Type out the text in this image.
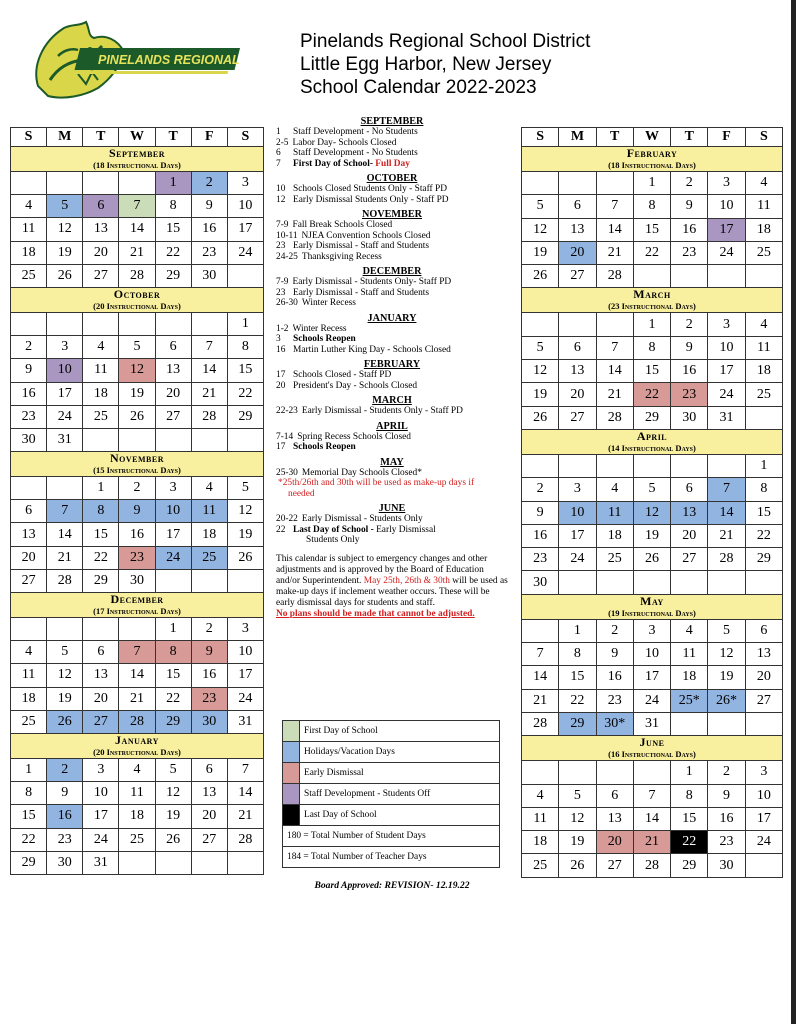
PINELANDS REGIONAL
Pinelands Regional School District
Little Egg Harbor, New Jersey
School Calendar 2022-2023
S	M	T	W	T	F	S

September
(18 Instructional Days)						

				1	2	3
4	5	6	7	8	9	10
11	12	13	14	15	16	17
18	19	20	21	22	23	24
25	26	27	28	29	30	

October
(20 Instructional Days)						

						1
2	3	4	5	6	7	8
9	10	11	12	13	14	15
16	17	18	19	20	21	22
23	24	25	26	27	28	29
30	31					

November
(15 Instructional Days)						

		1	2	3	4	5
6	7	8	9	10	11	12
13	14	15	16	17	18	19
20	21	22	23	24	25	26
27	28	29	30			

December
(17 Instructional Days)						

				1	2	3
4	5	6	7	8	9	10
11	12	13	14	15	16	17
18	19	20	21	22	23	24
25	26	27	28	29	30	31

January
(20 Instructional Days)						

1	2	3	4	5	6	7
8	9	10	11	12	13	14
15	16	17	18	19	20	21
22	23	24	25	26	27	28
29	30	31				
S	M	T	W	T	F	S

February
(18 Instructional Days)						

			1	2	3	4
5	6	7	8	9	10	11
12	13	14	15	16	17	18
19	20	21	22	23	24	25
26	27	28				

March
(23 Instructional Days)						

			1	2	3	4
5	6	7	8	9	10	11
12	13	14	15	16	17	18
19	20	21	22	23	24	25
26	27	28	29	30	31	

April
(14 Instructional Days)						

						1
2	3	4	5	6	7	8
9	10	11	12	13	14	15
16	17	18	19	20	21	22
23	24	25	26	27	28	29
30						

May
(19 Instructional Days)						

	1	2	3	4	5	6
7	8	9	10	11	12	13
14	15	16	17	18	19	20
21	22	23	24	25*	26*	27
28	29	30*	31			

June
(16 Instructional Days)						

				1	2	3
4	5	6	7	8	9	10
11	12	13	14	15	16	17
18	19	20	21	22	23	24
25	26	27	28	29	30	
SEPTEMBER
1	Staff Development - No Students
2-5 Labor Day- Schools Closed
6	Staff Development - No Students
7	First Day of School- Full Day
OCTOBER
10 Schools Closed Students Only - Staff PD
12 Early Dismissal Students Only - Staff PD
NOVEMBER
7-9 Fall Break Schools Closed
10-11 NJEA Convention Schools Closed
23 Early Dismissal - Staff and Students
24-25 Thanksgiving Recess
DECEMBER
7-9 Early Dismissal - Students Only- Staff PD
23 Early Dismissal - Staff and Students
26-30 Winter Recess
JANUARY
1-2 Winter Recess
3	Schools Reopen
16 Martin Luther King Day - Schools Closed
FEBRUARY
17 Schools Closed - Staff PD
20 President's Day - Schools Closed
MARCH
22-23 Early Dismissal - Students Only - Staff PD
APRIL
7-14 Spring Recess Schools Closed
17 Schools Reopen
MAY
25-30 Memorial Day Schools Closed*
*25th/26th and 30th will be used as make-up days if
needed
JUNE
20-22 Early Dismissal - Students Only
22 Last Day of School - Early Dismissal
Students Only
This calendar is subject to emergency changes and other adjustments and is approved by the Board of Education and/or Superintendent. May 25th, 26th & 30th will be used as make-up days if inclement weather occurs. These will be early dismissal days for students and staff.
No plans should be made that cannot be adjusted.
	First Day of School
	Holidays/Vacation Days
	Early Dismissal
	Staff Development - Students Off
	Last Day of School
180 = Total Number of Student Days	
184 = Total Number of Teacher Days	
Board Approved: REVISION- 12.19.22
